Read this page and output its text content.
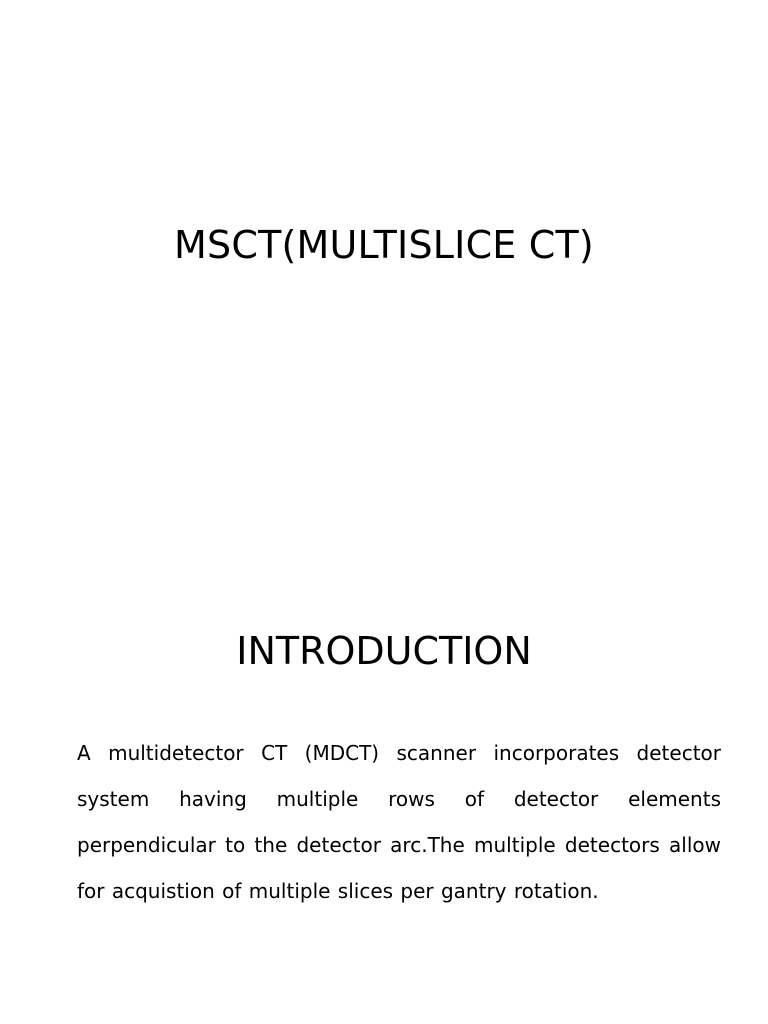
MSCT(MULTISLICE CT)
INTRODUCTION

A multidetector CT (MDCT) scanner incorporates detector system having multiple rows of detector elements perpendicular to the detector arc.The multiple detectors allow for acquistion of multiple slices per gantry rotation.
